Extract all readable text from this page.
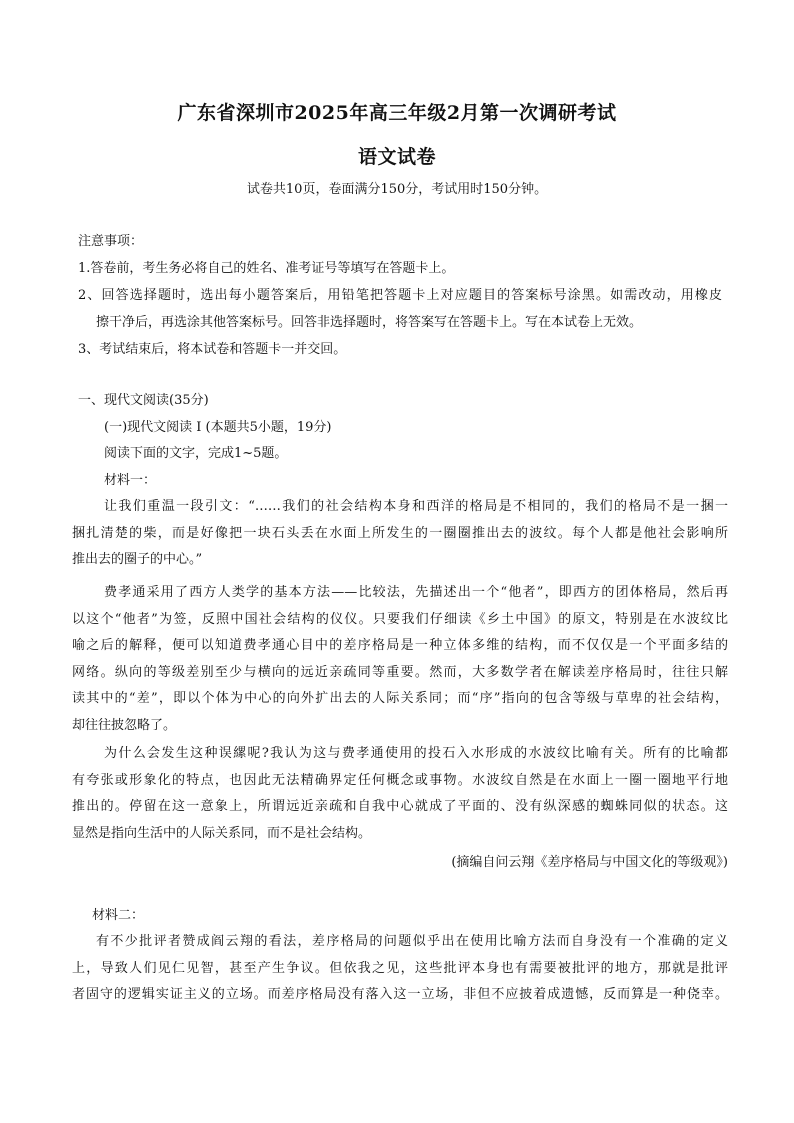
广东省深圳市2025年高三年级2月第一次调研考试
语文试卷
试卷共10页，卷面满分150分，考试用时150分钟。
注意事项：
1.答卷前，考生务必将自己的姓名、准考证号等填写在答题卡上。
2、回答选择题时，选出每小题答案后，用铅笔把答题卡上对应题目的答案标号涂黑。如需改动，用橡皮
擦干净后，再选涂其他答案标号。回答非选择题时，将答案写在答题卡上。写在本试卷上无效。
3、考试结束后，将本试卷和答题卡一并交回。
一、现代文阅读(35分)
(一)现代文阅读 I (本题共5小题，19分)
阅读下面的文字，完成1~5题。
材料一：
让我们重温一段引文：“……我们的社会结构本身和西洋的格局是不相同的，我们的格局不是一捆一
捆扎清楚的柴，而是好像把一块石头丢在水面上所发生的一圈圈推出去的波纹。每个人都是他社会影响所
推出去的圈子的中心。”
费孝通采用了西方人类学的基本方法——比较法，先描述出一个“他者”，即西方的团体格局，然后再
以这个“他者”为签，反照中国社会结构的仪仪。只要我们仔细读《乡土中国》的原文，特别是在水波纹比
喻之后的解释，便可以知道费孝通心目中的差序格局是一种立体多维的结构，而不仅仅是一个平面多结的
网络。纵向的等级差别至少与横向的远近亲疏同等重要。然而，大多数学者在解读差序格局时，往往只解
读其中的“差”，即以个体为中心的向外扩出去的人际关系同；而“序”指向的包含等级与草卑的社会结构，
却往往披忽略了。
为什么会发生这种误縲呢?我认为这与费孝通使用的投石入水形成的水波纹比喻有关。所有的比喻都
有夸张或形象化的特点，也因此无法精确界定任何概念或事物。水波纹自然是在水面上一圈一圈地平行地
推出的。停留在这一意象上，所谓远近亲疏和自我中心就成了平面的、没有纵深感的蜘蛛同似的状态。这
显然是指向生活中的人际关系同，而不是社会结构。
(摘编自问云翔《差序格局与中国文化的等级观》)
材料二：
有不少批评者赞成阎云翔的看法，差序格局的问题似乎出在使用比喻方法而自身没有一个准确的定义
上，导致人们见仁见智，甚至产生争议。但依我之见，这些批评本身也有需要被批评的地方，那就是批评
者固守的逻辑实证主义的立场。而差序格局没有落入这一立场，非但不应披着成遗憾，反而算是一种侥幸。
